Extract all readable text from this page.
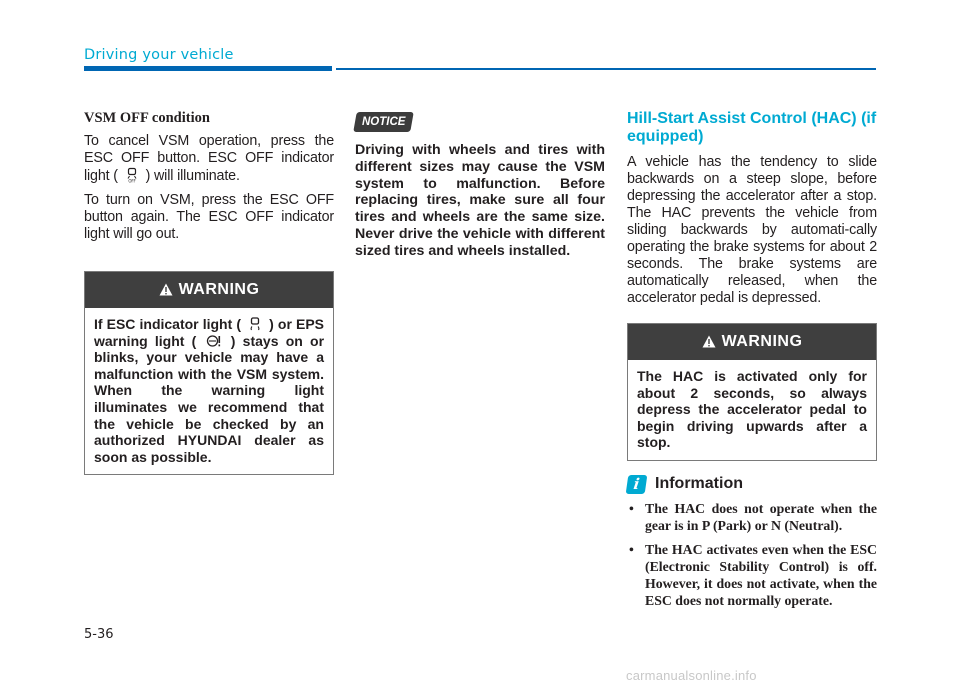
Driving your vehicle
VSM OFF condition

To cancel VSM operation, press the ESC OFF button. ESC OFF indicator light (	OFF ) will illuminate.

To turn on VSM, press the ESC OFF button again. The ESC OFF indicator light will go out.

WARNING
If ESC indicator light ( ) or EPS warning light ( ) stays on or blinks, your vehicle may have a malfunction with the VSM system. When the warning light illuminates we recommend that the vehicle be checked by an authorized HYUNDAI dealer as soon as possible.
NOTICE

Driving with wheels and tires with different sizes may cause the VSM system to malfunction. Before replacing tires, make sure all four tires and wheels are the same size. Never drive the vehicle with different sized tires and wheels installed.

Hill-Start Assist Control (HAC) (if equipped)

A vehicle has the tendency to slide backwards on a steep slope, before depressing the accelerator after a stop. The HAC prevents the vehicle from sliding backwards by automati-cally operating the brake systems for about 2 seconds. The brake systems are automatically released, when the accelerator pedal is depressed.

WARNING
The HAC is activated only for about 2 seconds, so always depress the accelerator pedal to begin driving upwards after a stop.
i Information
• The HAC does not operate when the gear is in P (Park) or N (Neutral).
• The HAC activates even when the ESC (Electronic Stability Control) is off. However, it does not activate, when the ESC does not normally operate.
5-36
carmanualsonline.info
